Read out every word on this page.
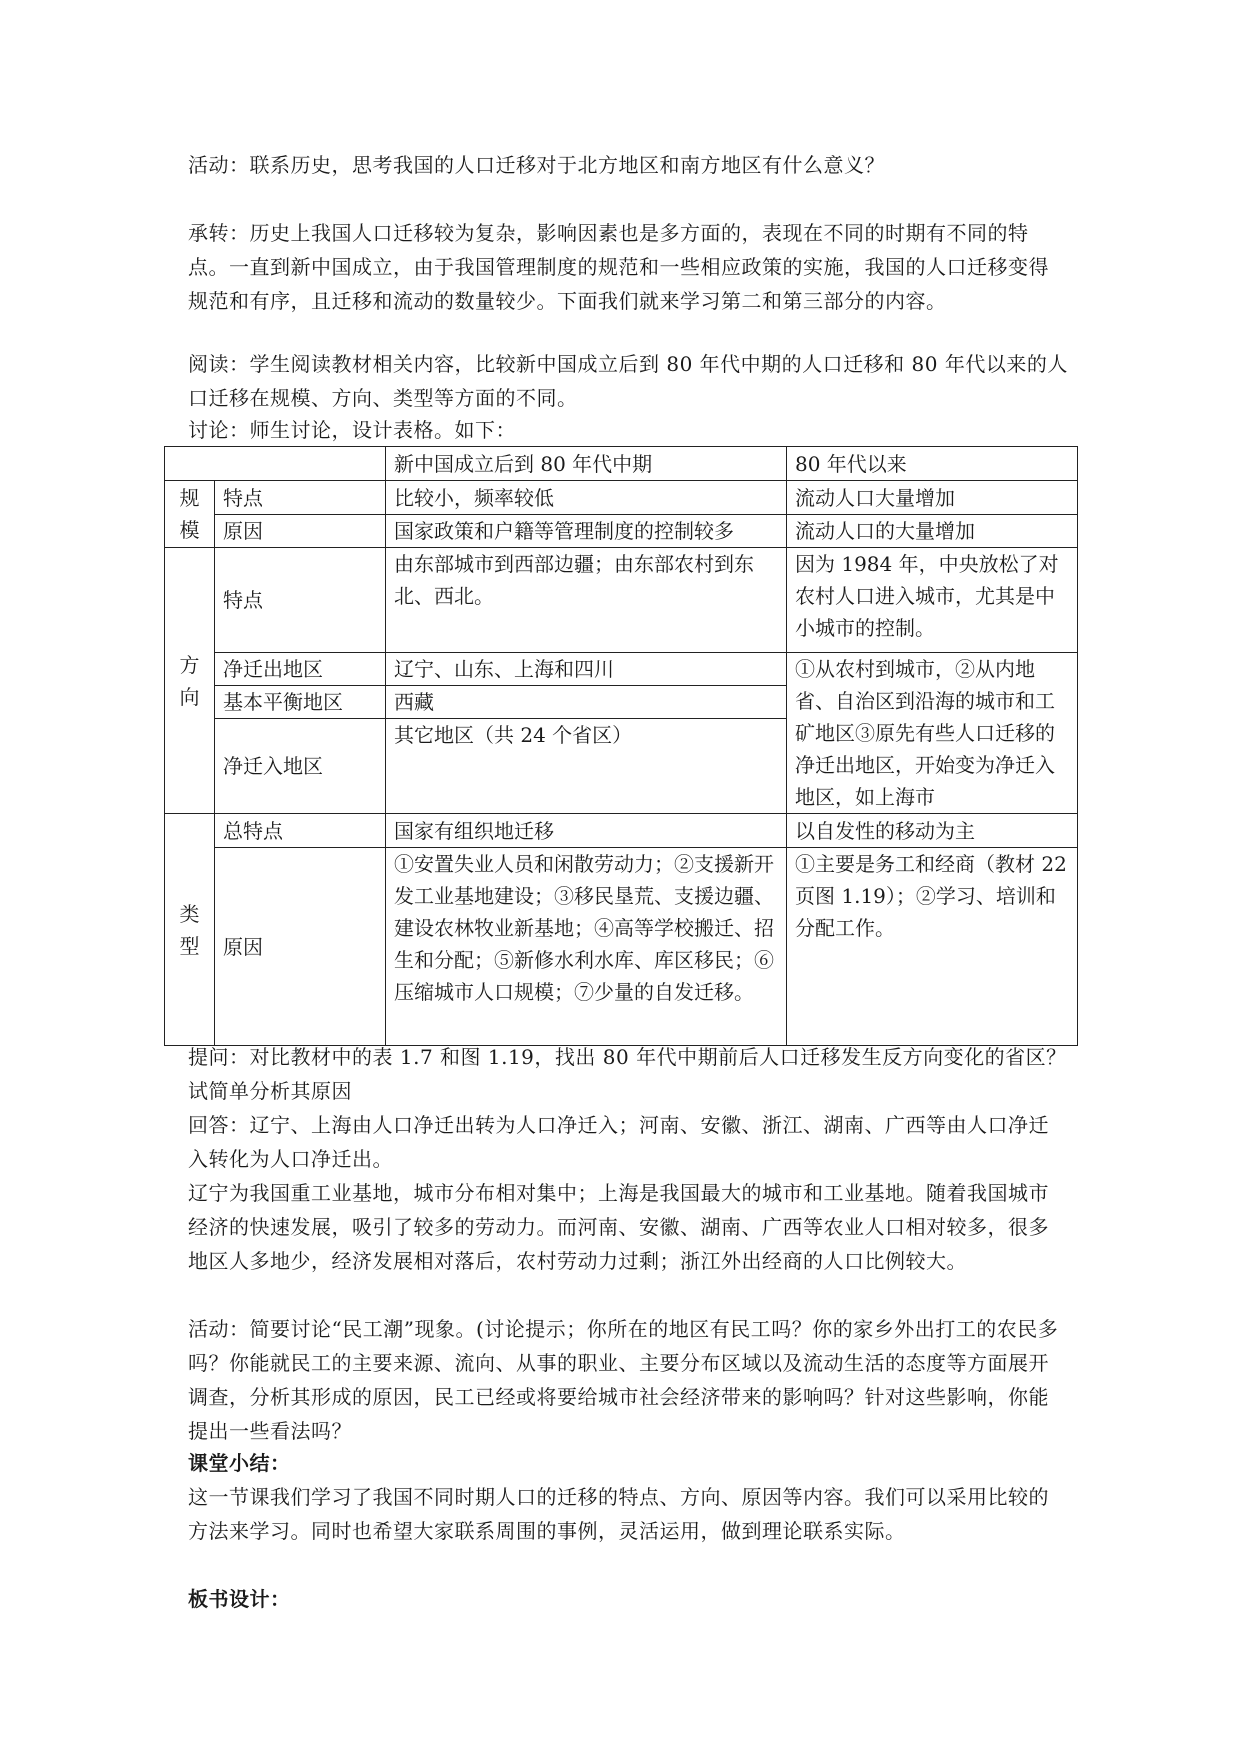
活动：联系历史，思考我国的人口迁移对于北方地区和南方地区有什么意义？

承转：历史上我国人口迁移较为复杂，影响因素也是多方面的，表现在不同的时期有不同的特点。一直到新中国成立，由于我国管理制度的规范和一些相应政策的实施，我国的人口迁移变得规范和有序，且迁移和流动的数量较少。下面我们就来学习第二和第三部分的内容。

阅读：学生阅读教材相关内容，比较新中国成立后到 80 年代中期的人口迁移和 80 年代以来的人口迁移在规模、方向、类型等方面的不同。

讨论：师生讨论，设计表格。如下：

		新中国成立后到 80 年代中期	80 年代以来

规
模	特点	比较小，频率较低	流动人口大量增加
	原因	国家政策和户籍等管理制度的控制较多	流动人口的大量增加

方
向	特点	由东部城市到西部边疆；由东部农村到东北、西北。	因为 1984 年，中央放松了对农村人口进入城市，尤其是中小城市的控制。
	净迁出地区	辽宁、山东、上海和四川	①从农村到城市，②从内地省、自治区到沿海的城市和工矿地区③原先有些人口迁移的净迁出地区，开始变为净迁入地区，如上海市
	基本平衡地区	西藏	
	净迁入地区	其它地区（共 24 个省区）	

类
型	总特点	国家有组织地迁移	以自发性的移动为主
	原因	①安置失业人员和闲散劳动力；②支援新开发工业基地建设；③移民垦荒、支援边疆、建设农林牧业新基地；④高等学校搬迁、招生和分配；⑤新修水利水库、库区移民；⑥压缩城市人口规模；⑦少量的自发迁移。	①主要是务工和经商（教材 22 页图 1.19）；②学习、培训和分配工作。

提问：对比教材中的表 1.7 和图 1.19，找出 80 年代中期前后人口迁移发生反方向变化的省区？试简单分析其原因

回答：辽宁、上海由人口净迁出转为人口净迁入；河南、安徽、浙江、湖南、广西等由人口净迁入转化为人口净迁出。

辽宁为我国重工业基地，城市分布相对集中；上海是我国最大的城市和工业基地。随着我国城市经济的快速发展，吸引了较多的劳动力。而河南、安徽、湖南、广西等农业人口相对较多，很多地区人多地少，经济发展相对落后，农村劳动力过剩；浙江外出经商的人口比例较大。

活动：简要讨论“民工潮”现象。(讨论提示；你所在的地区有民工吗？你的家乡外出打工的农民多吗？你能就民工的主要来源、流向、从事的职业、主要分布区域以及流动生活的态度等方面展开调查，分析其形成的原因，民工已经或将要给城市社会经济带来的影响吗？针对这些影响，你能提出一些看法吗？

课堂小结：

这一节课我们学习了我国不同时期人口的迁移的特点、方向、原因等内容。我们可以采用比较的方法来学习。同时也希望大家联系周围的事例，灵活运用，做到理论联系实际。

板书设计：
